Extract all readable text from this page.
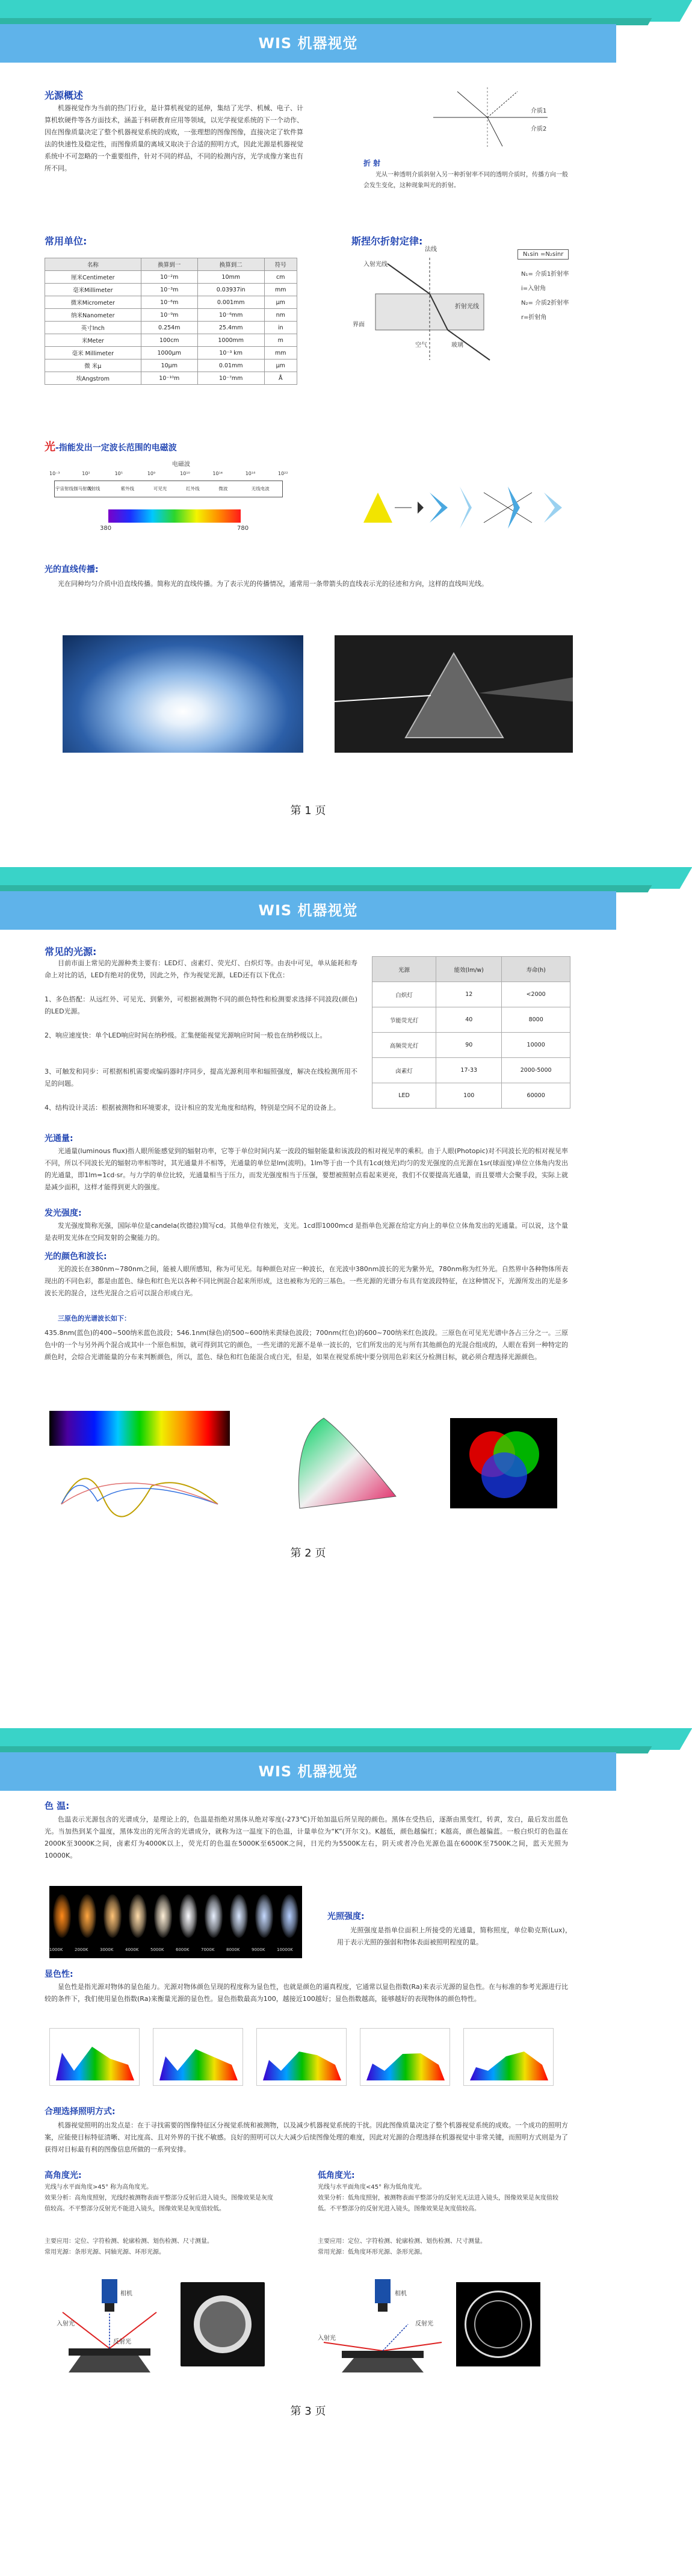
WIS 机器视觉
光源概述
机器视觉作为当前的热门行业，是计算机视觉的延伸，集结了光学、机械、电子、计算机软硬件等各方面技术，涵盖于科研教育应用等领域，以光学视觉系统的下一个动作、因在图像质量决定了整个机器视觉系统的成败，一张理想的图像图像，直接决定了软件算法的快速性及稳定性，而图像质量的离域又取决于合适的照明方式，因此光源是机器视觉系统中不可忽略的一个重要组件，针对不同的样品，不同的检测内容，光学成像方案也有所不同。
介质1
介质2
折 射
光从一种透明介质斜射入另一种折射率不同的透明介质时，传播方向一般会发生变化，这种现象叫光的折射。
常用单位:
名称	换算到一	换算到二	符号
厘米Centimeter	10⁻²m	10mm	cm
毫米Millimeter	10⁻³m	0.03937in	mm
微米Micrometer	10⁻⁶m	0.001mm	μm
纳米Nanometer	10⁻⁹m	10⁻⁶mm	nm
英寸Inch	0.254m	25.4mm	in
米Meter	100cm	1000mm	m
毫米 Millimeter	1000μm	10⁻³ km	mm
微 米μ	10μm	0.01mm	μm
埃Angstrom	10⁻¹⁰m	10⁻⁷mm	Å
斯捏尔折射定律:
入射光线
法线
折射光线
界面
空气	玻璃
N₁sin =N₂sinr
N₁= 介质1折射率
i=入射角
N₂= 介质2折射率
r=折射角
光-指能发出一定波长范围的电磁波
电磁波
10⁻³	10²	10⁵	10⁹	10¹⁰	10¹⁴	10¹⁸	10²²
宇宙射线伽马射线
X射线	紫外线	可见光	红外线	微波	无线电波
380	780
光的直线传播:
光在同种均匀介质中沿直线传播。简称光的直线传播。为了表示光的传播情况，通常用一条带箭头的直线表示光的径迹和方向，这样的直线叫光线。
第 1 页
WIS 机器视觉
常见的光源:
目前市面上常见的光源种类主要有：LED灯、卤素灯、荧光灯、白炽灯等。由表中可见，单从能耗和寿命上对比的话，LED有绝对的优势，因此之外，作为视觉光源，LED还有以下优点：
1、多色搭配：从远红外、可见光、到紫外，可根据被测物不同的颜色特性和检测要求选择不同波段(颜色)的LED光源。
2、响应速度快：单个LED响应时间在纳秒级。汇集便能视觉光源响应时间一般也在纳秒级以上。
3、可触发和同步：可根据相机需要或编码器时序同步，提高光源利用率和辐照强度，解决在线检测所用不足的问题。
4、结构设计灵活：根据被测物和环境要求，设计相应的发光角度和结构，特别是空间不足的设备上。
光源	能效(lm/w)	寿命(h)
白炽灯	12	<2000
节能荧光灯	40	8000
高频荧光灯	90	10000
卤素灯	17-33	2000-5000
LED	100	60000
光通量:
光通量(luminous flux)指人眼所能感觉到的辐射功率，它等于单位时间内某一波段的辐射能量和该波段的相对视见率的乘积。由于人眼(Photopic)对不同波长光的相对视见率不同，所以不同波长光的辐射功率相等时，其光通量并不相等，光通量的单位是lm(流明)。1lm等于由一个具有1cd(烛光)均匀的发光强度的点光源在1sr(球面度)单位立体角内发出的光通量，即1lm=1cd·sr。与力学的单位比较，光通量相当于压力，而发光强度相当于压强，要想被照射点看起来更亮，我们不仅要提高光通量，而且要增大会聚手段，实际上就是减少面积，这样才能得到更大的强度。
发光强度:
发光强度简称光强，国际单位是candela(坎德拉)简写cd。其他单位有烛光，支光。1cd即1000mcd 是指单色光源在给定方向上的单位立体角发出的光通量。可以说，这个量是表明发光体在空间发射的会聚能力的。
光的颜色和波长:
光的波长在380nm~780nm之间，能被人眼所感知，称为可见光。每种颜色对应一种波长，在光波中380nm波长的光为紫外光，780nm称为红外光。自然界中各种物体所表现出的不同色彩，都是由蓝色、绿色和红色光以各种不同比例混合起来所形成，这也被称为光的三基色。一些光源的光谱分布具有宽波段特征，在这种情况下，光源所发出的光是多波长光的混合，这些光混合之后可以混合形成白光。
三原色的光谱波长如下：
435.8nm(蓝色)的400~500纳米蓝色波段；546.1nm(绿色)的500~600纳米黄绿色波段；700nm(红色)的600~700纳米红色波段。三原色在可见光光谱中各占三分之一。三原色中的一个与另外两个混合成其中一个原色相加，就可得到其它的颜色，一些光谱的光源不是单一波长的，它们所发出的光与所有其他颜色的光混合组成的，人眼在看到一种特定的颜色时，会综合光谱能量的分布来判断颜色，所以，蓝色、绿色和红色能混合成白光，但是，如果在视觉系统中要分别用色彩来区分检测目标，就必须合理选择光源颜色。
第 2 页
WIS 机器视觉
色 温:
色温表示光源包含的光谱成分，是理论上的，色温是指绝对黑体从绝对零度(-273℃)开始加温后所呈现的颜色。黑体在受热后，逐渐由黑变红，转黄，发白，最后发出蓝色光。当加热到某个温度，黑体发出的光所含的光谱成分，就称为这一温度下的色温，计量单位为“K”(开尔文)。K越低，颜色越偏红；K越高，颜色越偏蓝。一般白炽灯的色温在2000K至3000K之间，卤素灯为4000K以上，荧光灯的色温在5000K至6500K之间，日光约为5500K左右，阴天或者冷色光源色温在6000K至7500K之间，蓝天光照为10000K。
1000K	2000K	3000K	4000K	5000K	6000K	7000K	8000K	9000K	10000K
光照强度:
光照强度是指单位面积上所接受的光通量，简称照度，单位勒克斯(Lux)，用于表示光照的强弱和物体表面被照明程度的量。
显色性:
显色性是指光源对物体的显色能力。光源对物体颜色呈现的程度称为显色性，也就是颜色的逼真程度，它通常以显色指数(Ra)来表示光源的显色性。在与标准的参考光源进行比较的条件下，我们使用显色指数(Ra)来衡量光源的显色性。显色指数最高为100，越接近100越好；显色指数越高，能够越好的表现物体的颜色特性。
合理选择照明方式:
机器视觉照明的出发点是：在于寻找需要的图像特征区分视觉系统和被测物，以及减少机器视觉系统的干扰。因此图像质量决定了整个机器视觉系统的成败。一个成功的照明方案，应能使目标特征清晰、对比度高、且对外界的干扰不敏感。良好的照明可以大大减少后续图像处理的难度，因此对光源的合理选择在机器视觉中非常关键，而照明方式则是为了获得对目标最有利的图像信息所做的一系列安排。
高角度光:
光线与水平面角度>45° 称为高角度光。
效果分析：高角度照射，光线经被测物表面平整部分反射后进入镜头，图像效果是灰度值较高。不平整部分反射光不能进入镜头，图像效果是灰度值较低。
主要应用：定位、字符检测、轮廓检测、划伤检测、尺寸测量。
常用光源：条形光源、同轴光源、环形光源。
低角度光:
光线与水平面角度<45° 称为低角度光。
效果分析：低角度照射，被测物表面平整部分的反射光无法进入镜头，图像效果是灰度值较低。不平整部分的反射光进入镜头，图像效果是灰度值较高。
主要应用：定位、字符检测、轮廓检测、划伤检测、尺寸测量。
常用光源：低角度环形光源、条形光源。
入射光
反射光
相机
入射光
反射光
相机
第 3 页
